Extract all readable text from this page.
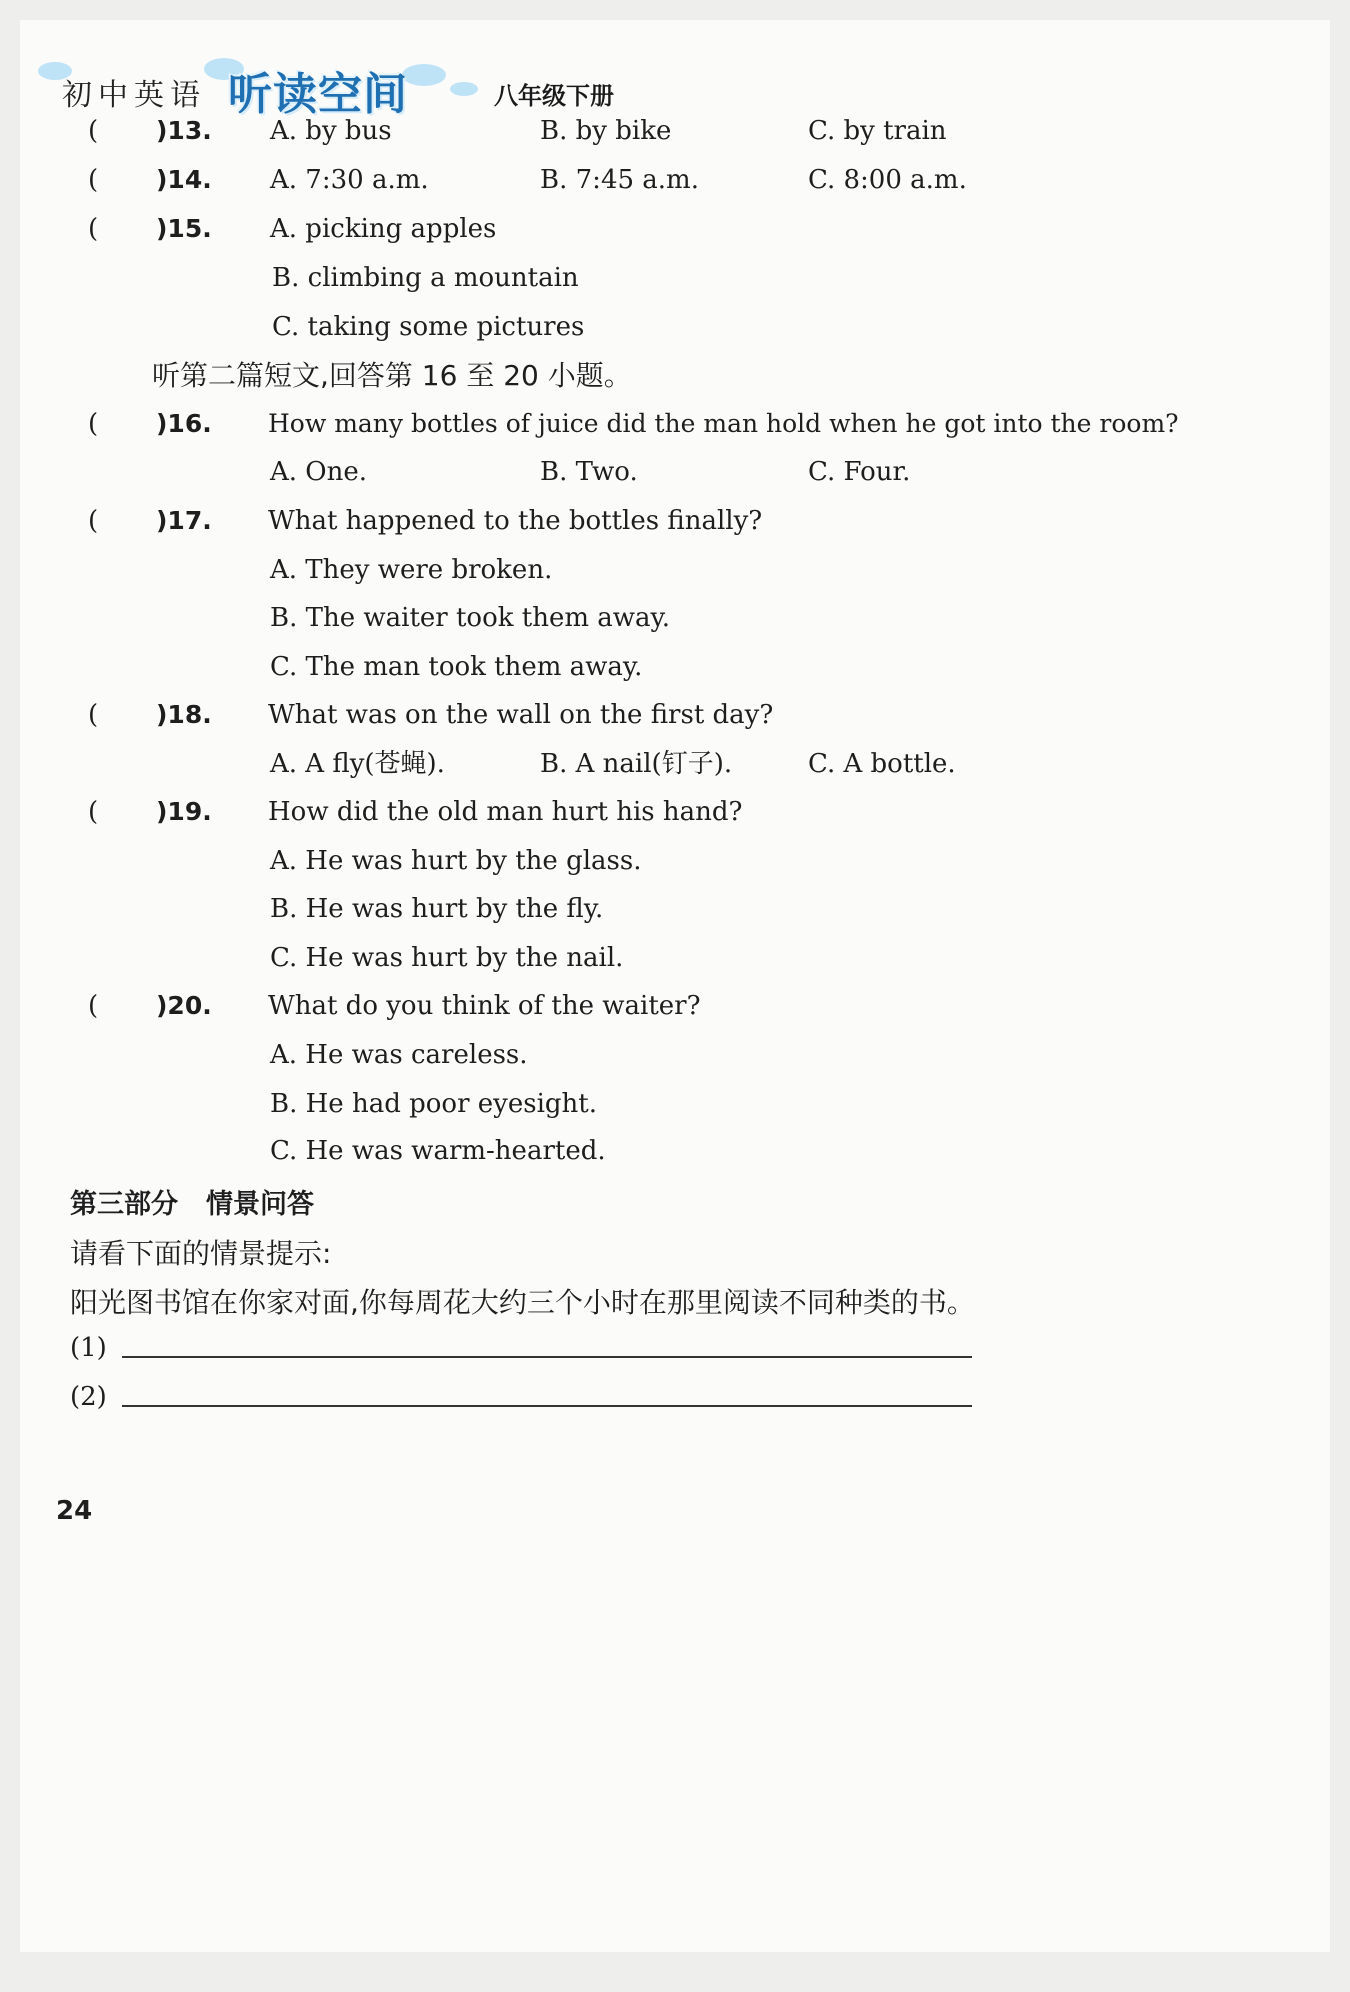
初中英语 听读空间	八年级下册
( )13. A. by bus	B. by bike	C. by train
( )14. A. 7:30 a.m.	B. 7:45 a.m.	C. 8:00 a.m.
( )15. A. picking apples
B. climbing a mountain
C. taking some pictures
听第二篇短文,回答第 16 至 20 小题。
( )16. How many bottles of juice did the man hold when he got into the room?
A. One.	B. Two.	C. Four.
( )17. What happened to the bottles finally?
A. They were broken.
B. The waiter took them away.
C. The man took them away.
( )18. What was on the wall on the first day?
A. A fly(苍蝇).	B. A nail(钉子).	C. A bottle.
( )19. How did the old man hurt his hand?
A. He was hurt by the glass.
B. He was hurt by the fly.
C. He was hurt by the nail.
( )20. What do you think of the waiter?
A. He was careless.
B. He had poor eyesight.
C. He was warm-hearted.
第三部分 情景问答
请看下面的情景提示:
阳光图书馆在你家对面,你每周花大约三个小时在那里阅读不同种类的书。
(1)
(2)
24
